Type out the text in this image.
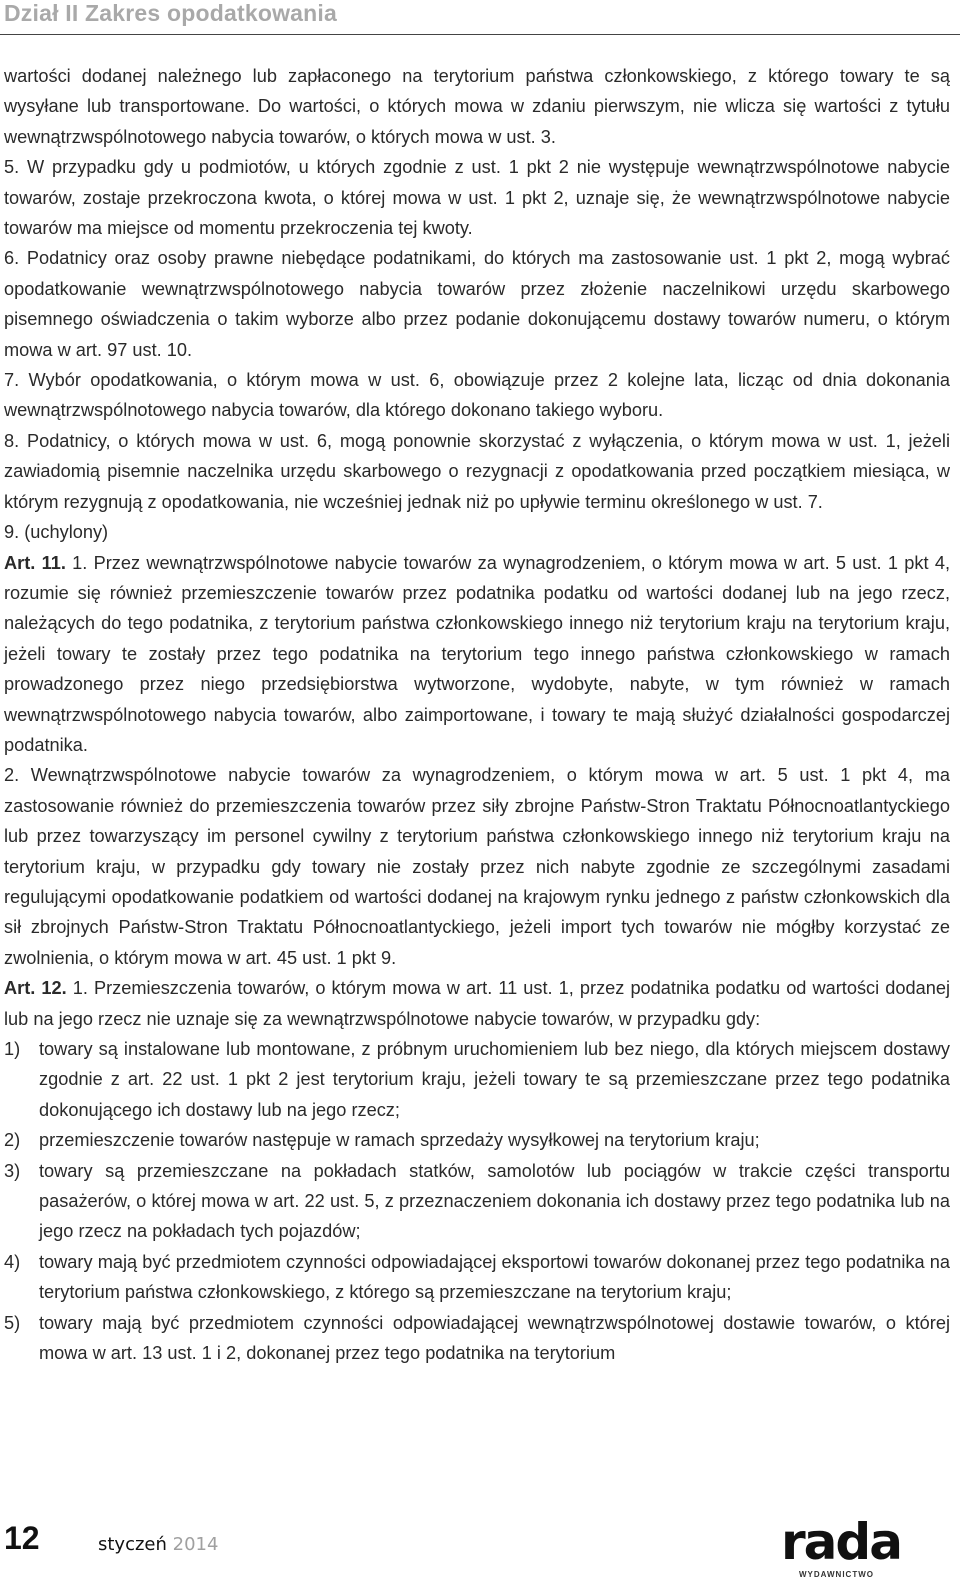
Dział II Zakres opodatkowania

wartości dodanej należnego lub zapłaconego na terytorium państwa członkowskiego, z którego towary te są wysyłane lub transportowane. Do wartości, o których mowa w zdaniu pierwszym, nie wlicza się wartości z tytułu wewnątrzwspólnotowego nabycia towarów, o których mowa w ust. 3.

5. W przypadku gdy u podmiotów, u których zgodnie z ust. 1 pkt 2 nie występuje wewnątrzwspólnotowe nabycie towarów, zostaje przekroczona kwota, o której mowa w ust. 1 pkt 2, uznaje się, że wewnątrzwspólnotowe nabycie towarów ma miejsce od momentu przekroczenia tej kwoty.

6. Podatnicy oraz osoby prawne niebędące podatnikami, do których ma zastosowanie ust. 1 pkt 2, mogą wybrać opodatkowanie wewnątrzwspólnotowego nabycia towarów przez złożenie naczelnikowi urzędu skarbowego pisemnego oświadczenia o takim wyborze albo przez podanie dokonującemu dostawy towarów numeru, o którym mowa w art. 97 ust. 10.

7. Wybór opodatkowania, o którym mowa w ust. 6, obowiązuje przez 2 kolejne lata, licząc od dnia dokonania wewnątrzwspólnotowego nabycia towarów, dla którego dokonano takiego wyboru.

8. Podatnicy, o których mowa w ust. 6, mogą ponownie skorzystać z wyłączenia, o którym mowa w ust. 1, jeżeli zawiadomią pisemnie naczelnika urzędu skarbowego o rezygnacji z opodatkowania przed początkiem miesiąca, w którym rezygnują z opodatkowania, nie wcześniej jednak niż po upływie terminu określonego w ust. 7.

9. (uchylony)

Art. 11. 1. Przez wewnątrzwspólnotowe nabycie towarów za wynagrodzeniem, o którym mowa w art. 5 ust. 1 pkt 4, rozumie się również przemieszczenie towarów przez podatnika podatku od wartości dodanej lub na jego rzecz, należących do tego podatnika, z terytorium państwa członkowskiego innego niż terytorium kraju na terytorium kraju, jeżeli towary te zostały przez tego podatnika na terytorium tego innego państwa członkowskiego w ramach prowadzonego przez niego przedsiębiorstwa wytworzone, wydobyte, nabyte, w tym również w ramach wewnątrzwspólnotowego nabycia towarów, albo zaimportowane, i towary te mają służyć działalności gospodarczej podatnika.

2. Wewnątrzwspólnotowe nabycie towarów za wynagrodzeniem, o którym mowa w art. 5 ust. 1 pkt 4, ma zastosowanie również do przemieszczenia towarów przez siły zbrojne Państw-Stron Traktatu Północnoatlantyckiego lub przez towarzyszący im personel cywilny z terytorium państwa członkowskiego innego niż terytorium kraju na terytorium kraju, w przypadku gdy towary nie zostały przez nich nabyte zgodnie ze szczególnymi zasadami regulującymi opodatkowanie podatkiem od wartości dodanej na krajowym rynku jednego z państw członkowskich dla sił zbrojnych Państw-Stron Traktatu Północnoatlantyckiego, jeżeli import tych towarów nie mógłby korzystać ze zwolnienia, o którym mowa w art. 45 ust. 1 pkt 9.

Art. 12. 1. Przemieszczenia towarów, o którym mowa w art. 11 ust. 1, przez podatnika podatku od wartości dodanej lub na jego rzecz nie uznaje się za wewnątrzwspólnotowe nabycie towarów, w przypadku gdy:

1) towary są instalowane lub montowane, z próbnym uruchomieniem lub bez niego, dla których miejscem dostawy zgodnie z art. 22 ust. 1 pkt 2 jest terytorium kraju, jeżeli towary te są przemieszczane przez tego podatnika dokonującego ich dostawy lub na jego rzecz;
2) przemieszczenie towarów następuje w ramach sprzedaży wysyłkowej na terytorium kraju;
3) towary są przemieszczane na pokładach statków, samolotów lub pociągów w trakcie części transportu pasażerów, o której mowa w art. 22 ust. 5, z przeznaczeniem dokonania ich dostawy przez tego podatnika lub na jego rzecz na pokładach tych pojazdów;
4) towary mają być przedmiotem czynności odpowiadającej eksportowi towarów dokonanej przez tego podatnika na terytorium państwa członkowskiego, z którego są przemieszczane na terytorium kraju;
5) towary mają być przedmiotem czynności odpowiadającej wewnątrzwspólnotowej dostawie towarów, o której mowa w art. 13 ust. 1 i 2, dokonanej przez tego podatnika na terytorium
12	styczeń 2014	rada
WYDAWNICTWO
